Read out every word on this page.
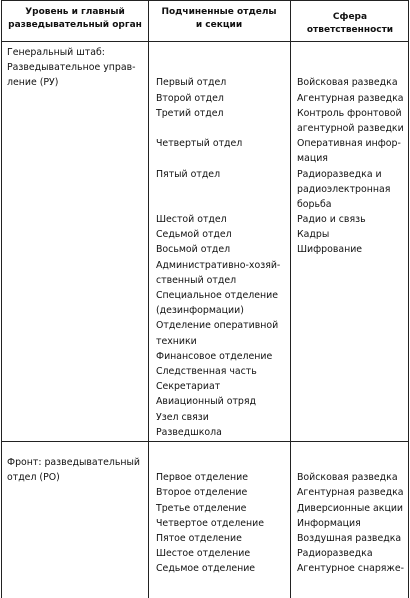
Уровень и главный
разведывательный орган
Подчиненные отделы
и секции
Сфера ответственности
Генеральный штаб:
Разведывательное управ-
ление (РУ)	Первый отдел
Второй отдел
Третий отдел
Четвертый отдел
Пятый отдел
Шестой отдел
Седьмой отдел
Восьмой отдел
Административно-хозяй-
ственный отдел
Специальное отделение
(дезинформации)
Отделение оперативной
техники
Финансовое отделение
Следственная часть
Секретариат
Авиационный отряд
Узел связи
Разведшкола
Войсковая разведка
Агентурная разведка
Контроль фронтовой
агентурной разведки
Оперативная инфор-
мация
Радиоразведка и
радиоэлектронная
борьба
Радио и связь
Кадры
Шифрование
Фронт: разведывательный
отдел (РО)	Первое отделение
Второе отделение
Третье отделение
Четвертое отделение
Пятое отделение
Шестое отделение
Седьмое отделение
Войсковая разведка
Агентурная разведка
Диверсионные акции
Информация
Воздушная разведка
Радиоразведка
Агентурное снаряже-
